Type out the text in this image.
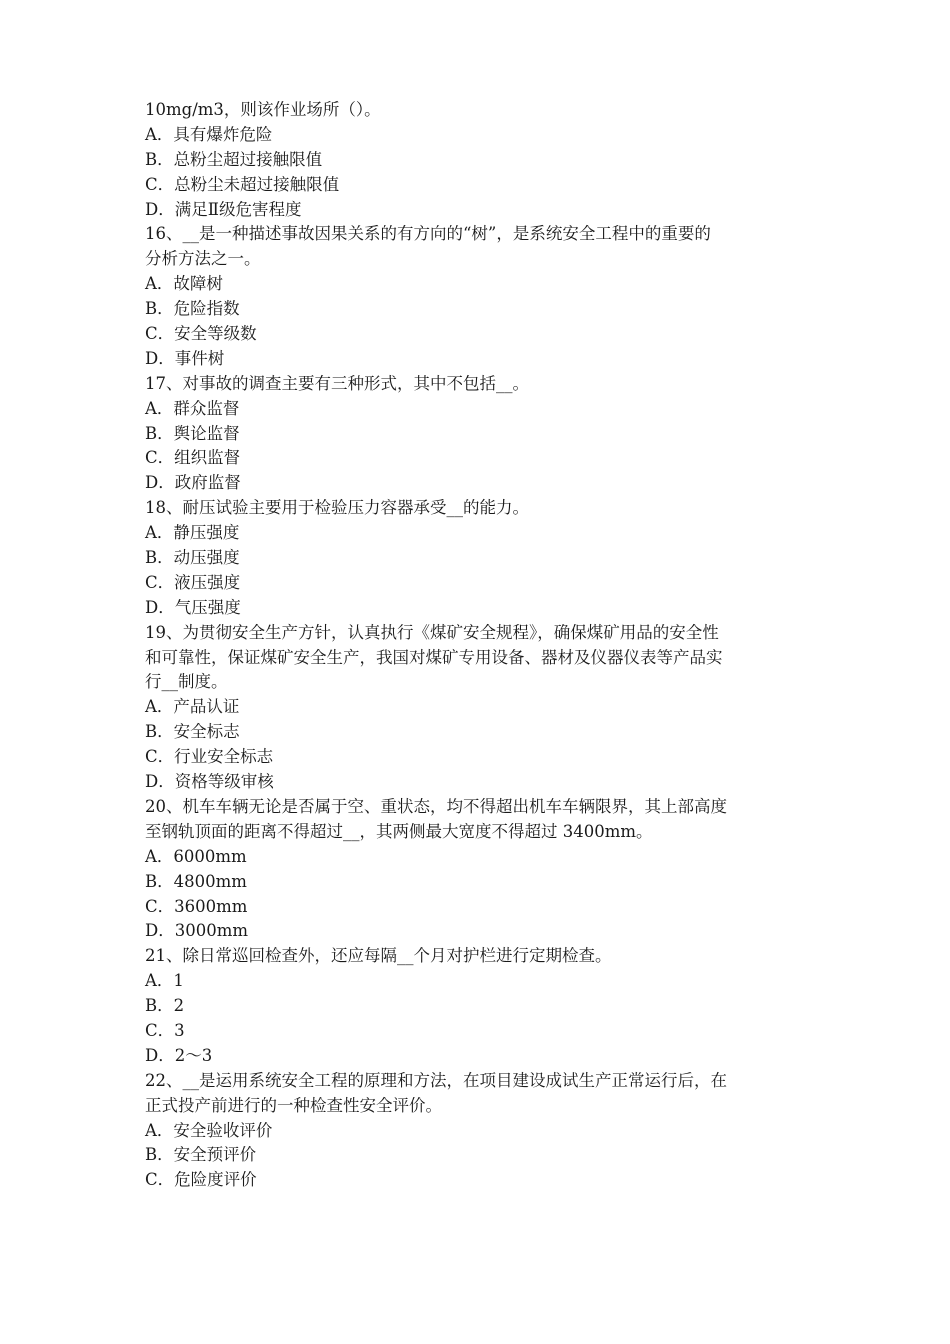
10mg/m3，则该作业场所（）。

A．具有爆炸危险

B．总粉尘超过接触限值

C．总粉尘未超过接触限值

D．满足Ⅱ级危害程度

16、__是一种描述事故因果关系的有方向的“树”，是系统安全工程中的重要的

分析方法之一。

A．故障树

B．危险指数

C．安全等级数

D．事件树

17、对事故的调查主要有三种形式，其中不包括__。

A．群众监督

B．舆论监督

C．组织监督

D．政府监督

18、耐压试验主要用于检验压力容器承受__的能力。

A．静压强度

B．动压强度

C．液压强度

D．气压强度

19、为贯彻安全生产方针，认真执行《煤矿安全规程》，确保煤矿用品的安全性

和可靠性，保证煤矿安全生产，我国对煤矿专用设备、器材及仪器仪表等产品实

行__制度。

A．产品认证

B．安全标志

C．行业安全标志

D．资格等级审核

20、机车车辆无论是否属于空、重状态，均不得超出机车车辆限界，其上部高度

至钢轨顶面的距离不得超过__，其两侧最大宽度不得超过 3400mm。

A．6000mm

B．4800mm

C．3600mm

D．3000mm

21、除日常巡回检查外，还应每隔__个月对护栏进行定期检查。

A．1

B．2

C．3

D．2～3

22、__是运用系统安全工程的原理和方法，在项目建设成试生产正常运行后，在

正式投产前进行的一种检查性安全评价。

A．安全验收评价

B．安全预评价

C．危险度评价
